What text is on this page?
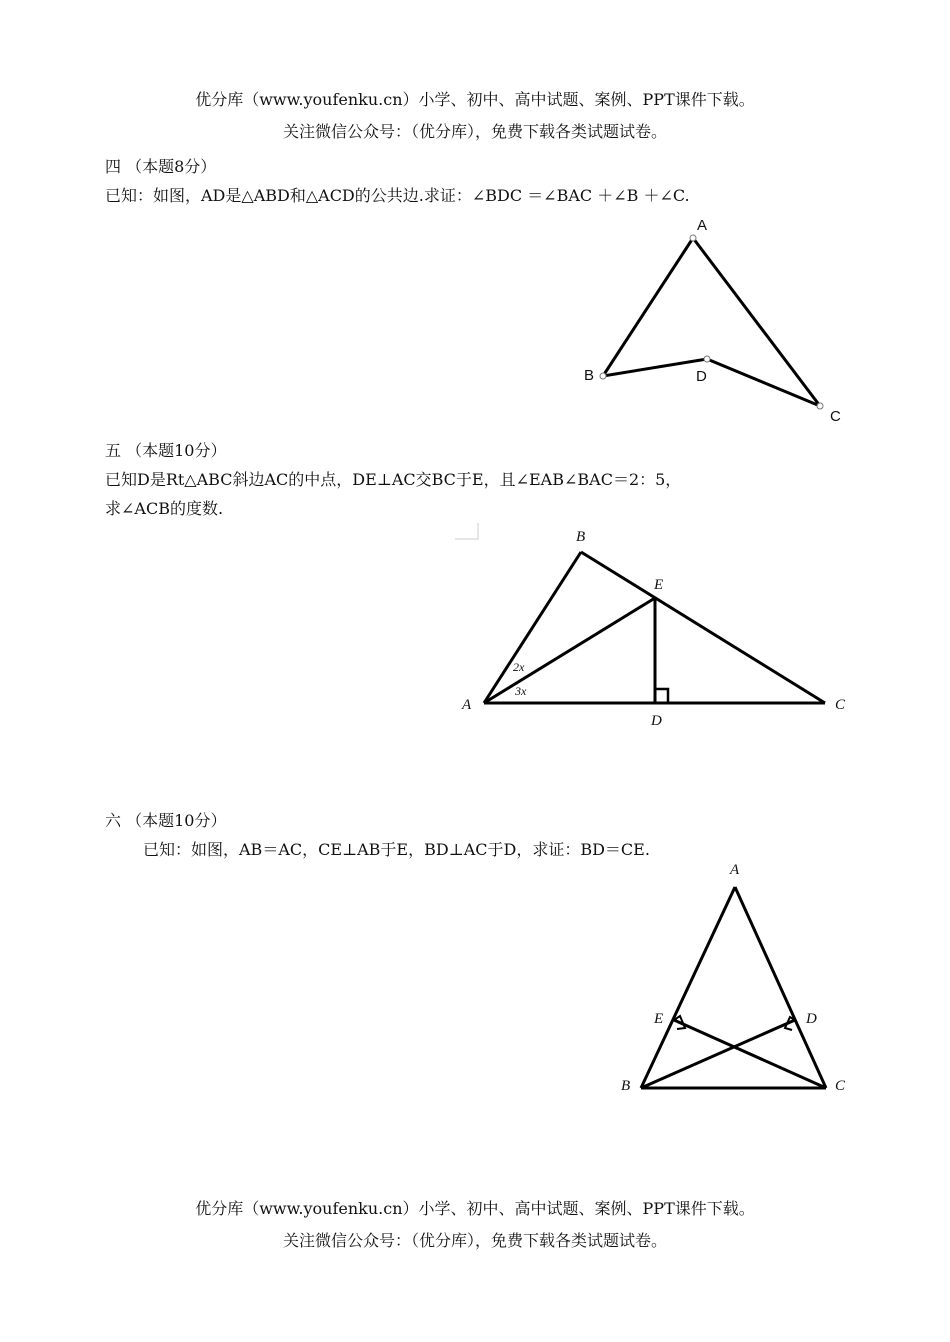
优分库（www.youfenku.cn）小学、初中、高中试题、案例、PPT课件下载。
关注微信公众号：（优分库），免费下载各类试题试卷。
四 （本题8分）
已知：如图，AD是△ABD和△ACD的公共边.求证：∠BDC ＝∠BAC ＋∠B ＋∠C.
A
B	D
C
B
E
A
D
C
2x
3x
A
E	D
B	C
五 （本题10分）
已知D是Rt△ABC斜边AC的中点，DE⊥AC交BC于E，且∠EAB∠BAC＝2：5，
求∠ACB的度数.
六 （本题10分）
已知：如图，AB＝AC，CE⊥AB于E，BD⊥AC于D，求证：BD＝CE.
优分库（www.youfenku.cn）小学、初中、高中试题、案例、PPT课件下载。
关注微信公众号：（优分库），免费下载各类试题试卷。
